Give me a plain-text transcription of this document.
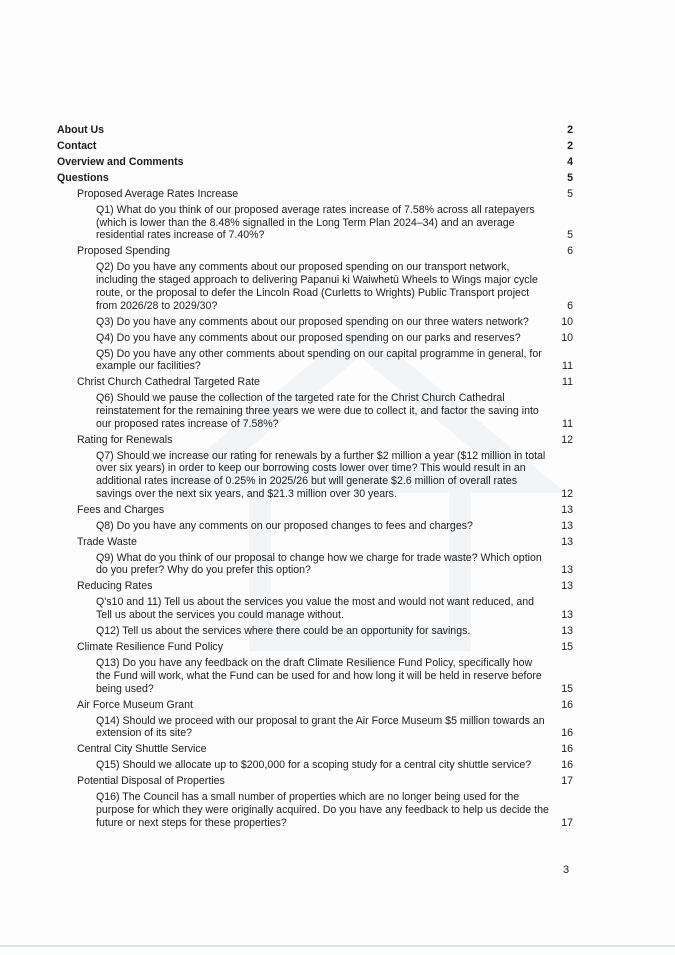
About Us	2
Contact	2
Overview and Comments	4
Questions	5
Proposed Average Rates Increase	5
Q1) What do you think of our proposed average rates increase of 7.58% across all ratepayers (which is lower than the 8.48% signalled in the Long Term Plan 2024–34) and an average residential rates increase of 7.40%?	5
Proposed Spending	6
Q2) Do you have any comments about our proposed spending on our transport network, including the staged approach to delivering Papanui ki Waiwhetū Wheels to Wings major cycle route, or the proposal to defer the Lincoln Road (Curletts to Wrights) Public Transport project from 2026/28 to 2029/30?	6
Q3) Do you have any comments about our proposed spending on our three waters network?	10
Q4) Do you have any comments about our proposed spending on our parks and reserves?	10
Q5) Do you have any other comments about spending on our capital programme in general, for example our facilities?	11
Christ Church Cathedral Targeted Rate	11
Q6) Should we pause the collection of the targeted rate for the Christ Church Cathedral reinstatement for the remaining three years we were due to collect it, and factor the saving into our proposed rates increase of 7.58%?	11
Rating for Renewals	12
Q7) Should we increase our rating for renewals by a further $2 million a year ($12 million in total over six years) in order to keep our borrowing costs lower over time? This would result in an additional rates increase of 0.25% in 2025/26 but will generate $2.6 million of overall rates savings over the next six years, and $21.3 million over 30 years.	12
Fees and Charges	13
Q8) Do you have any comments on our proposed changes to fees and charges?	13
Trade Waste	13
Q9) What do you think of our proposal to change how we charge for trade waste? Which option do you prefer? Why do you prefer this option?	13
Reducing Rates	13
Q's10 and 11) Tell us about the services you value the most and would not want reduced, and Tell us about the services you could manage without.	13
Q12) Tell us about the services where there could be an opportunity for savings.	13
Climate Resilience Fund Policy	15
Q13) Do you have any feedback on the draft Climate Resilience Fund Policy, specifically how the Fund will work, what the Fund can be used for and how long it will be held in reserve before being used?	15
Air Force Museum Grant	16
Q14) Should we proceed with our proposal to grant the Air Force Museum $5 million towards an extension of its site?	16
Central City Shuttle Service	16
Q15) Should we allocate up to $200,000 for a scoping study for a central city shuttle service?	16
Potential Disposal of Properties	17
Q16) The Council has a small number of properties which are no longer being used for the purpose for which they were originally acquired. Do you have any feedback to help us decide the future or next steps for these properties?	17
3
